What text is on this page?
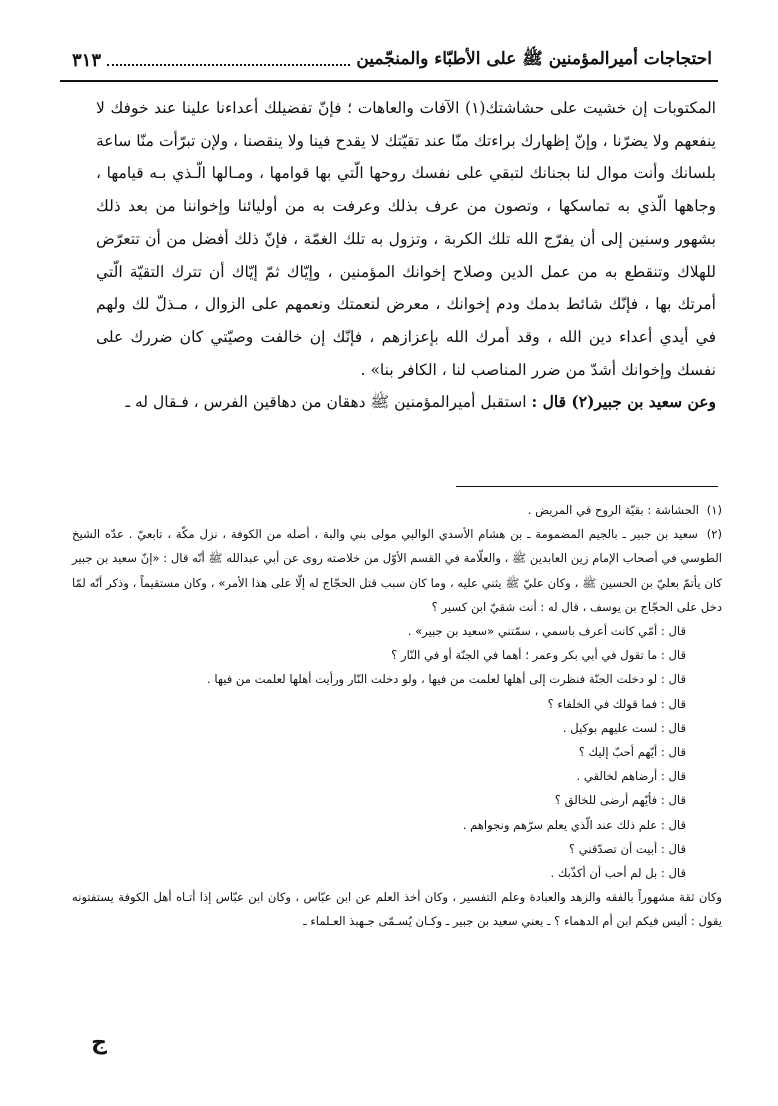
احتجاجات أميرالمؤمنين ﷺ على الأطبّاء والمنجّمين
٣١٣

المكتوبات إن خشيت على حشاشتك(١) الآفات والعاهات ؛ فإنّ تفضيلك أعداءنا علينا عند خوفك لا ينفعهم ولا يضرّنا ، وإنّ إظهارك براءتك منّا عند تقيّتك لا يقدح فينا ولا ينقصنا ، ولإن تبرّأت منّا ساعة بلسانك وأنت موال لنا بجنانك لتبقي على نفسك روحها الّتي بها قوامها ، ومـالها الّـذي بـه قيامها ، وجاهها الّذي به تماسكها ، وتصون من عرف بذلك وعرفت به من أوليائنا وإخواننا من بعد ذلك بشهور وسنين إلى أن يفرّج الله تلك الكربة ، وتزول به تلك الغمّة ، فإنّ ذلك أفضل من أن تتعرّض للهلاك وتنقطع به من عمل الدين وصلاح إخوانك المؤمنين ، وإيّاك ثمّ إيّاك أن تترك التقيّة الّتي أمرتك بها ، فإنّك شائط بدمك ودم إخوانك ، معرض لنعمتك ونعمهم على الزوال ، مـذلّ لك ولهم في أيدي أعداء دين الله ، وقد أمرك الله بإعزازهم ، فإنّك إن خالفت وصيّتي كان ضررك على نفسك وإخوانك أشدّ من ضرر المناصب لنا ، الكافر بنا» .

وعن سعيد بن جبير(٢) قال : استقبل أميرالمؤمنين ﷺ دهقان من دهاقين الفرس ، فـقال له ـ

(١) الحشاشة : بقيّة الروح في المريض .

(٢) سعيد بن جبير ـ بالجيم المضمومة ـ بن هشام الأسدي الوالبي مولى بني والبة ، أصله من الكوفة ، نزل مكّة ، تابعيّ . عدّه الشيخ الطوسي في أصحاب الإمام زين العابدين ﷺ ، والعلّامة في القسم الأوّل من خلاصته روى عن أبي عبدالله ﷺ أنّه قال : «إنّ سعيد بن جبير كان يأتمّ بعليّ بن الحسين ﷺ ، وكان عليّ ﷺ يثني عليه ، وما كان سبب قتل الحجّاج له إلّا على هذا الأمر» ، وكان مستقيماً ، وذكر أنّه لمّا دخل على الحجّاج بن يوسف ، قال له : أنت شقيّ ابن كسير ؟

قال : أمّي كانت أعرف باسمي ، سمّتني «سعيد بن جبير» .

قال : ما تقول في أبي بكر وعمر ؛ أهما في الجنّة أو في النّار ؟

قال : لو دخلت الجنّة فنظرت إلى أهلها لعلمت من فيها ، ولو دخلت النّار ورأيت أهلها لعلمت من فيها .

قال : فما قولك في الخلفاء ؟

قال : لست عليهم بوكيل .

قال : أيّهم أحبّ إليك ؟

قال : أرضاهم لخالقي .

قال : فأيّهم أرضى للخالق ؟

قال : علم ذلك عند الّذي يعلم سرّهم ونجواهم .

قال : أبيت أن تصدّقني ؟

قال : بل لم أحب أن أكذّبك .

وكان ثقة مشهوراً بالفقه والزهد والعبادة وعلم التفسير ، وكان أخذ العلم عن ابن عبّاس ، وكان ابن عبّاس إذا أتـاه أهل الكوفة يستفتونه يقول : أليس فيكم ابن أم الدهماء ؟ ـ يعني سعيد بن جبير ـ وكـان يُسـمّى جـهبذ العـلماء ـ

ج
